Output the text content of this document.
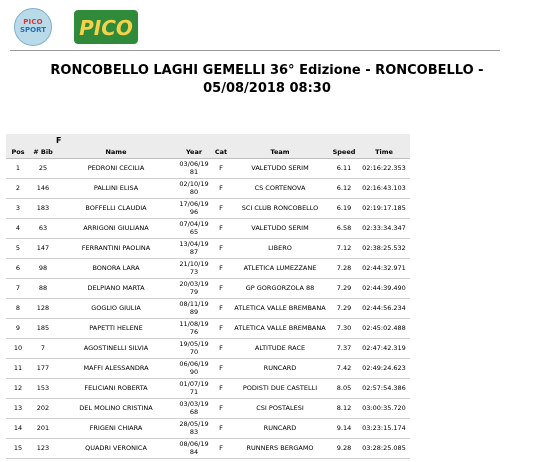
PICO
SPORT PICO
RONCOBELLO LAGHI GEMELLI 36° Edizione - RONCOBELLO -
05/08/2018 08:30
		F					
Pos	# Bib	Name	Year	Cat	Team	Speed	Time
1	25	PEDRONI CECILIA	03/06/19 81	F	VALETUDO SERIM	6.11	02:16:22.353
2	146	PALLINI ELISA	02/10/19 80	F	CS CORTENOVA	6.12	02:16:43.103
3	183	BOFFELLI CLAUDIA	17/06/19 96	F	SCI CLUB RONCOBELLO	6.19	02:19:17.185
4	63	ARRIGONI GIULIANA	07/04/19 65	F	VALETUDO SERIM	6.58	02:33:34.347
5	147	FERRANTINI PAOLINA	13/04/19 87	F	LIBERO	7.12	02:38:25.532
6	98	BONORA LARA	21/10/19 73	F	ATLETICA LUMEZZANE	7.28	02:44:32.971
7	88	DELPIANO MARTA	20/03/19 79	F	GP GORGORZOLA 88	7.29	02:44:39.490
8	128	GOGLIO GIULIA	08/11/19 89	F	ATLETICA VALLE BREMBANA	7.29	02:44:56.234
9	185	PAPETTI HELENE	11/08/19 76	F	ATLETICA VALLE BREMBANA	7.30	02:45:02.488
10	7	AGOSTINELLI SILVIA	19/05/19 70	F	ALTITUDE RACE	7.37	02:47:42.319
11	177	MAFFI ALESSANDRA	06/06/19 90	F	RUNCARD	7.42	02:49:24.623
12	153	FELICIANI ROBERTA	01/07/19 71	F	PODISTI DUE CASTELLI	8.05	02:57:54.386
13	202	DEL MOLINO CRISTINA	03/03/19 68	F	CSI POSTALESI	8.12	03:00:35.720
14	201	FRIGENI CHIARA	28/05/19 83	F	RUNCARD	9.14	03:23:15.174
15	123	QUADRI VERONICA	08/06/19 84	F	RUNNERS BERGAMO	9.28	03:28:25.085
